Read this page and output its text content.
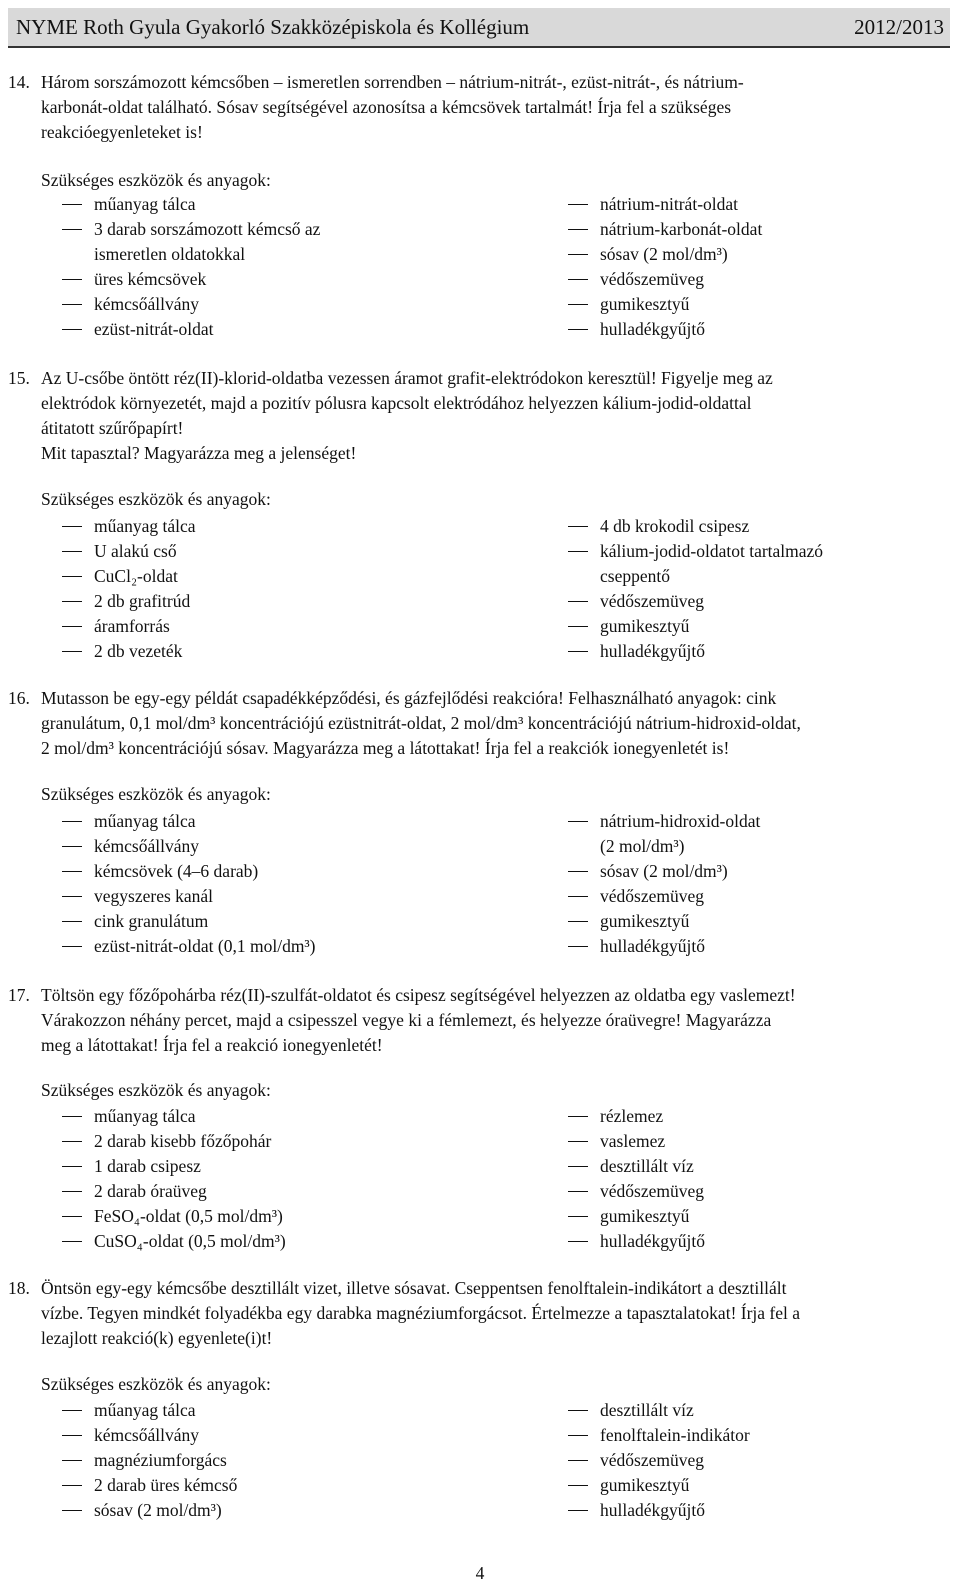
NYME Roth Gyula Gyakorló Szakközépiskola és Kollégium	2012/2013
14. Három sorszámozott kémcsőben – ismeretlen sorrendben – nátrium-nitrát-, ezüst-nitrát-, és nátrium-
karbonát-oldat található. Sósav segítségével azonosítsa a kémcsövek tartalmát! Írja fel a szükséges
reakcióegyenleteket is!
Szükséges eszközök és anyagok:
műanyag tálca
3 darab sorszámozott kémcső az
ismeretlen oldatokkal
üres kémcsövek
kémcsőállvány
ezüst-nitrát-oldat
nátrium-nitrát-oldat
nátrium-karbonát-oldat
sósav (2 mol/dm³)
védőszemüveg
gumikesztyű
hulladékgyűjtő
15. Az U-csőbe öntött réz(II)-klorid-oldatba vezessen áramot grafit-elektródokon keresztül! Figyelje meg az
elektródok környezetét, majd a pozitív pólusra kapcsolt elektródához helyezzen kálium-jodid-oldattal
átitatott szűrőpapírt!
Mit tapasztal? Magyarázza meg a jelenséget!
Szükséges eszközök és anyagok:
műanyag tálca
U alakú cső
CuCl₂-oldat
2 db grafitrúd
áramforrás
2 db vezeték
4 db krokodil csipesz
kálium-jodid-oldatot tartalmazó
cseppentő
védőszemüveg
gumikesztyű
hulladékgyűjtő
16. Mutasson be egy-egy példát csapadékképződési, és gázfejlődési reakcióra! Felhasználható anyagok: cink
granulátum, 0,1 mol/dm³ koncentrációjú ezüstnitrát-oldat, 2 mol/dm³ koncentrációjú nátrium-hidroxid-oldat,
2 mol/dm³ koncentrációjú sósav. Magyarázza meg a látottakat! Írja fel a reakciók ionegyenletét is!
Szükséges eszközök és anyagok:
műanyag tálca
kémcsőállvány
kémcsövek (4–6 darab)
vegyszeres kanál
cink granulátum
ezüst-nitrát-oldat (0,1 mol/dm³)
nátrium-hidroxid-oldat
(2 mol/dm³)
sósav (2 mol/dm³)
védőszemüveg
gumikesztyű
hulladékgyűjtő
17. Töltsön egy főzőpohárba réz(II)-szulfát-oldatot és csipesz segítségével helyezzen az oldatba egy vaslemezt!
Várakozzon néhány percet, majd a csipesszel vegye ki a fémlemezt, és helyezze óraüvegre! Magyarázza
meg a látottakat! Írja fel a reakció ionegyenletét!
Szükséges eszközök és anyagok:
műanyag tálca
2 darab kisebb főzőpohár
1 darab csipesz
2 darab óraüveg
FeSO₄-oldat (0,5 mol/dm³)
CuSO₄-oldat (0,5 mol/dm³)
rézlemez
vaslemez
desztillált víz
védőszemüveg
gumikesztyű
hulladékgyűjtő
18. Öntsön egy-egy kémcsőbe desztillált vizet, illetve sósavat. Cseppentsen fenolftalein-indikátort a desztillált
vízbe. Tegyen mindkét folyadékba egy darabka magnéziumforgácsot. Értelmezze a tapasztalatokat! Írja fel a
lezajlott reakció(k) egyenlete(i)t!
Szükséges eszközök és anyagok:
műanyag tálca
kémcsőállvány
magnéziumforgács
2 darab üres kémcső
sósav (2 mol/dm³)
desztillált víz
fenolftalein-indikátor
védőszemüveg
gumikesztyű
hulladékgyűjtő
4
